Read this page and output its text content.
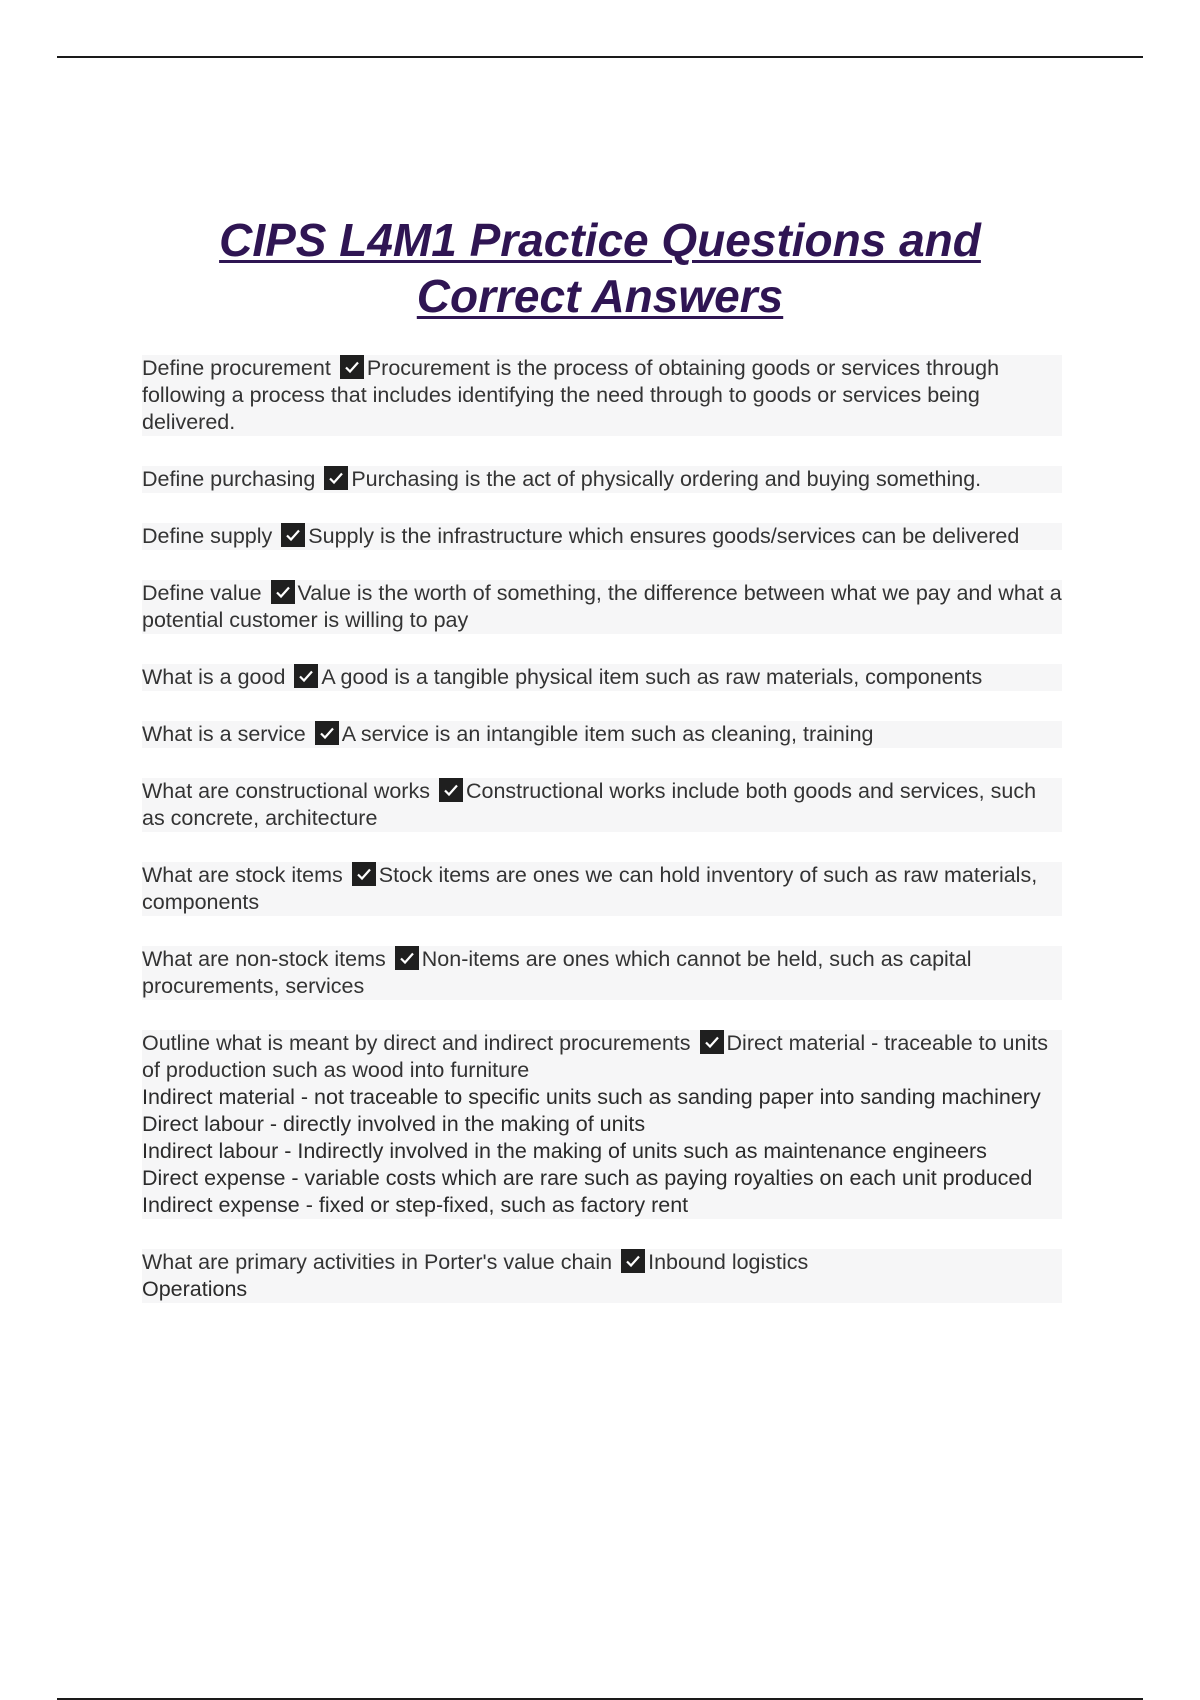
CIPS L4M1 Practice Questions and
Correct Answers

Define procurement Procurement is the process of obtaining goods or services through following a process that includes identifying the need through to goods or services being delivered.

Define purchasing Purchasing is the act of physically ordering and buying something.

Define supply Supply is the infrastructure which ensures goods/services can be delivered

Define value Value is the worth of something, the difference between what we pay and what a potential customer is willing to pay

What is a good A good is a tangible physical item such as raw materials, components

What is a service A service is an intangible item such as cleaning, training

What are constructional works Constructional works include both goods and services, such as concrete, architecture

What are stock items Stock items are ones we can hold inventory of such as raw materials, components

What are non-stock items Non-items are ones which cannot be held, such as capital procurements, services

Outline what is meant by direct and indirect procurements Direct material - traceable to units of production such as wood into furniture
Indirect material - not traceable to specific units such as sanding paper into sanding machinery
Direct labour - directly involved in the making of units
Indirect labour - Indirectly involved in the making of units such as maintenance engineers
Direct expense - variable costs which are rare such as paying royalties on each unit produced
Indirect expense - fixed or step-fixed, such as factory rent

What are primary activities in Porter's value chain Inbound logistics
Operations
